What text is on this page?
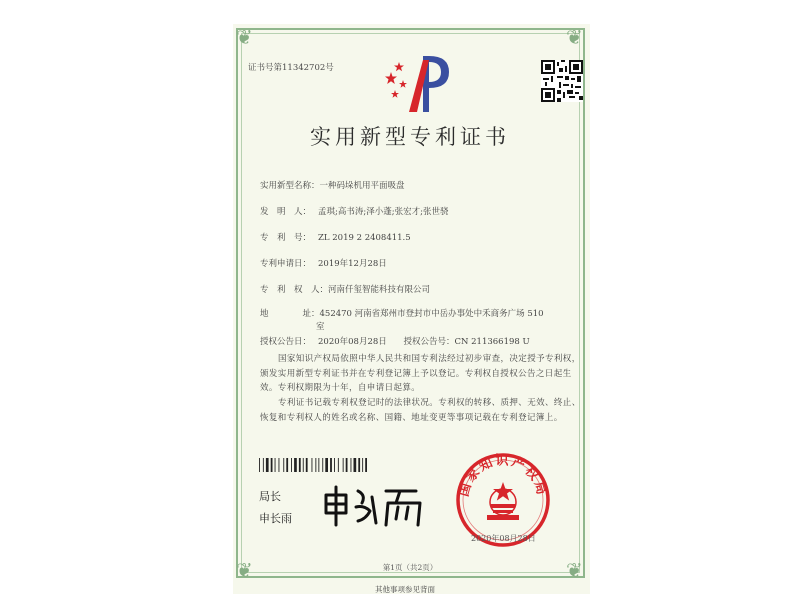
❦	❦
❦	❦
证书号第11342702号
实用新型专利证书
实用新型名称：一种码垛机用平面吸盘
发　明　人： 孟琪;高书涛;泽小蓬;张宏才;张世骁
专　利　号： ZL 2019 2 2408411.5
专利申请日： 2019年12月28日
专　利　权　人：河南仟玺智能科技有限公司
地　　　　址：452470 河南省郑州市登封市中岳办事处中禾商务广场 510
室
授权公告日： 2020年08月28日 授权公告号：CN 211366198 U
国家知识产权局依照中华人民共和国专利法经过初步审查，决定授予专利权，颁发实用新型专利证书并在专利登记簿上予以登记。专利权自授权公告之日起生效。专利权期限为十年，自申请日起算。
专利证书记载专利权登记时的法律状况。专利权的转移、质押、无效、终止、恢复和专利权人的姓名或名称、国籍、地址变更等事项记载在专利登记簿上。
局长
申长雨
国家知识产权局
2020年08月28日
第1页（共2页）
其他事项参见背面
